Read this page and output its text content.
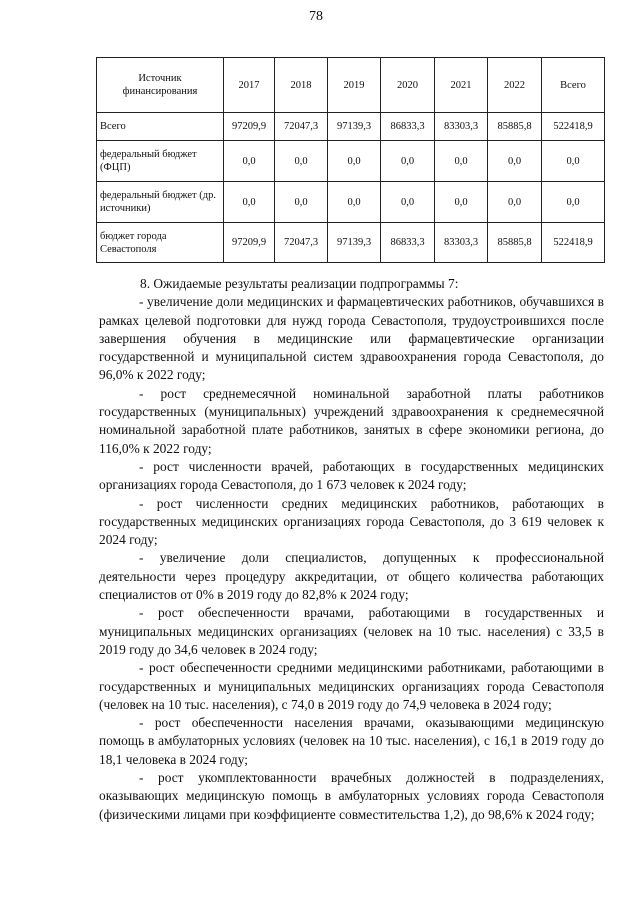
78
Источник финансирования	2017	2018	2019	2020	2021	2022	Всего
Всего	97209,9	72047,3	97139,3	86833,3	83303,3	85885,8	522418,9
федеральный бюджет (ФЦП)	0,0	0,0	0,0	0,0	0,0	0,0	0,0
федеральный бюджет (др. источники)	0,0	0,0	0,0	0,0	0,0	0,0	0,0
бюджет города Севастополя	97209,9	72047,3	97139,3	86833,3	83303,3	85885,8	522418,9

8. Ожидаемые результаты реализации подпрограммы 7:

- увеличение доли медицинских и фармацевтических работников, обучавшихся в рамках целевой подготовки для нужд города Севастополя, трудоустроившихся после завершения обучения в медицинские или фармацевтические организации государственной и муниципальной систем здравоохранения города Севастополя, до 96,0% к 2022 году;

- рост среднемесячной номинальной заработной платы работников государственных (муниципальных) учреждений здравоохранения к среднемесячной номинальной заработной плате работников, занятых в сфере экономики региона, до 116,0% к 2022 году;

- рост численности врачей, работающих в государственных медицинских организациях города Севастополя, до 1 673 человек к 2024 году;

- рост численности средних медицинских работников, работающих в государственных медицинских организациях города Севастополя, до 3 619 человек к 2024 году;

- увеличение доли специалистов, допущенных к профессиональной деятельности через процедуру аккредитации, от общего количества работающих специалистов от 0% в 2019 году до 82,8% к 2024 году;

- рост обеспеченности врачами, работающими в государственных и муниципальных медицинских организациях (человек на 10 тыс. населения) с 33,5 в 2019 году до 34,6 человек в 2024 году;

- рост обеспеченности средними медицинскими работниками, работающими в государственных и муниципальных медицинских организациях города Севастополя (человек на 10 тыс. населения), с 74,0 в 2019 году до 74,9 человека в 2024 году;

- рост обеспеченности населения врачами, оказывающими медицинскую помощь в амбулаторных условиях (человек на 10 тыс. населения), с 16,1 в 2019 году до 18,1 человека в 2024 году;

- рост укомплектованности врачебных должностей в подразделениях, оказывающих медицинскую помощь в амбулаторных условиях города Севастополя (физическими лицами при коэффициенте совместительства 1,2), до 98,6% к 2024 году;
